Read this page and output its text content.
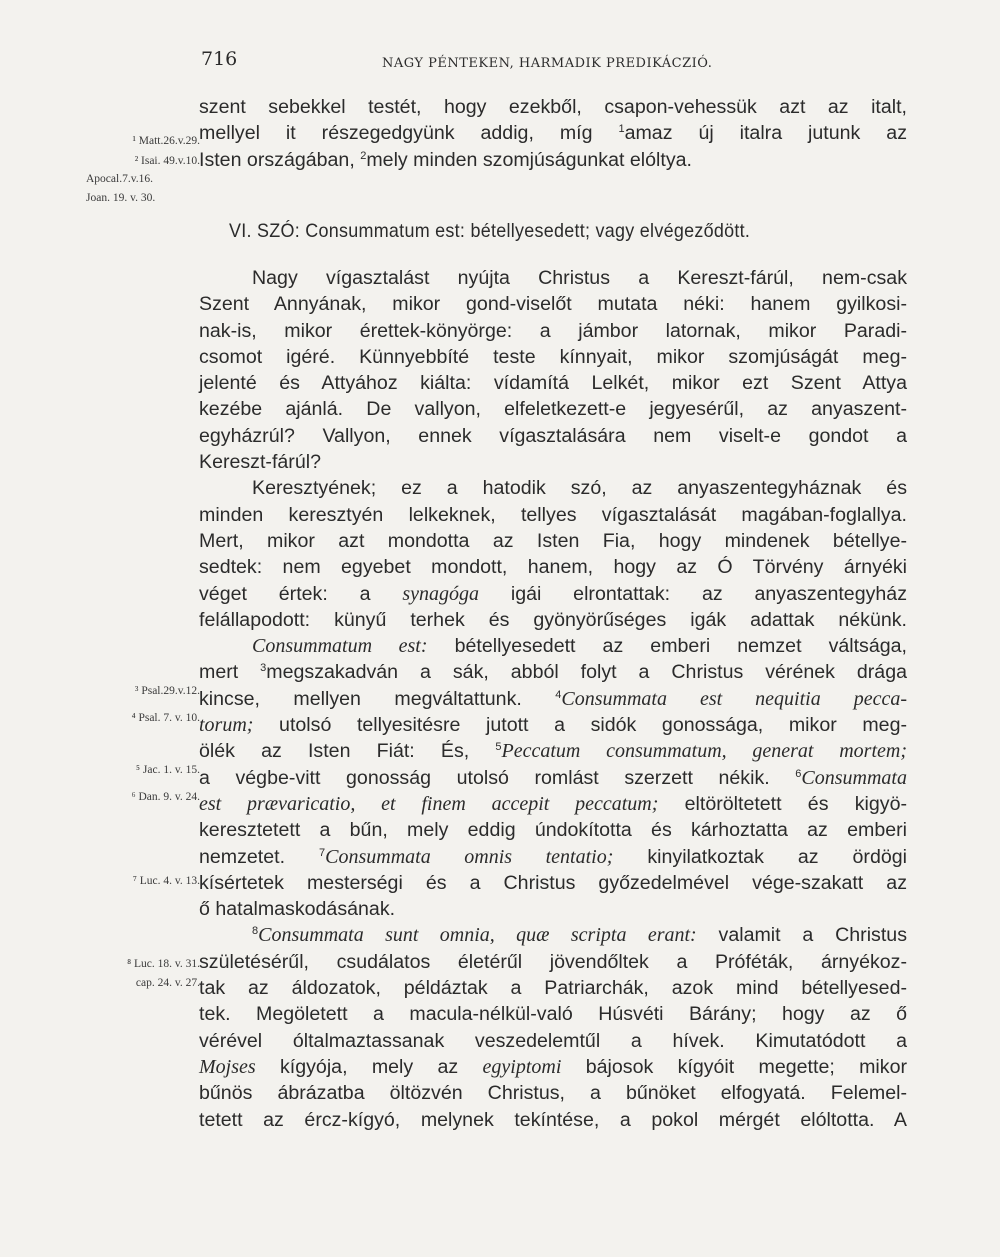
716	NAGY PÉNTEKEN, HARMADIK PREDIKÁCZIÓ.
¹ Matt.26.v.29.
² Isai. 49.v.10.
Apocal.7.v.16.
Joan. 19. v. 30.
³ Psal.29.v.12.
⁴ Psal. 7. v. 10.
⁵ Jac. 1. v. 15.
⁶ Dan. 9. v. 24.
⁷ Luc. 4. v. 13.
⁸ Luc. 18. v. 31.
cap. 24. v. 27.
szent sebekkel testét, hogy ezekből, csapon-vehessük azt az italt,
mellyel it részegedgyünk addig, míg $^1$amaz új italra jutunk az
Isten országában, $^2$mely minden szomjúságunkat elóltya.
VI. SZÓ: Consummatum est: bétellyesedett; vagy elvégeződött.
Nagy vígasztalást nyújta Christus a Kereszt-fárúl, nem-csak
Szent Annyának, mikor gond-viselőt mutata néki: hanem gyilkosi-
nak-is, mikor érettek-könyörge: a jámbor latornak, mikor Paradi-
csomot igéré. Künnyebbíté teste kínnyait, mikor szomjúságát meg-
jelenté és Attyához kiálta: vídamítá Lelkét, mikor ezt Szent Attya
kezébe ajánlá. De vallyon, elfeletkezett-e jegyesérűl, az anyaszent-
egyházrúl? Vallyon, ennek vígasztalására nem viselt-e gondot a
Kereszt-fárúl?
Keresztyének; ez a hatodik szó, az anyaszentegyháznak és
minden keresztyén lelkeknek, tellyes vígasztalását magában-foglallya.
Mert, mikor azt mondotta az Isten Fia, hogy mindenek bétellye-
sedtek: nem egyebet mondott, hanem, hogy az Ó Törvény árnyéki
véget értek: a synagóga igái elrontattak: az anyaszentegyház
felállapodott: künyű terhek és gyönyörűséges igák adattak nékünk.
Consummatum est: bétellyesedett az emberi nemzet váltsága,
mert $^3$megszakadván a sák, abból folyt a Christus vérének drága
kincse, mellyen megváltattunk. $^4$Consummata est nequitia pecca-
torum; utolsó tellyesitésre jutott a sidók gonossága, mikor meg-
ölék az Isten Fiát: És, $^5$Peccatum consummatum, generat mortem;
a végbe-vitt gonosság utolsó romlást szerzett nékik. $^6$Consummata
est prævaricatio, et finem accepit peccatum; eltöröltetett és kigyö-
keresztetett a bűn, mely eddig úndokította és kárhoztatta az emberi
nemzetet. $^7$Consummata omnis tentatio; kinyilatkoztak az ördögi
kísértetek mesterségi és a Christus győzedelmével vége-szakatt az
ő hatalmaskodásának.
$^8$Consummata sunt omnia, quæ scripta erant: valamit a Christus
születésérűl, csudálatos életérűl jövendőltek a Próféták, árnyékoz-
tak az áldozatok, példáztak a Patriarchák, azok mind bétellyesed-
tek. Megöletett a macula-nélkül-való Húsvéti Bárány; hogy az ő
vérével óltalmaztassanak veszedelemtűl a hívek. Kimutatódott a
Mojses kígyója, mely az egyiptomi bájosok kígyóit megette; mikor
bűnös ábrázatba öltözvén Christus, a bűnöket elfogyatá. Felemel-
tetett az ércz-kígyó, melynek tekíntése, a pokol mérgét elóltotta. A
